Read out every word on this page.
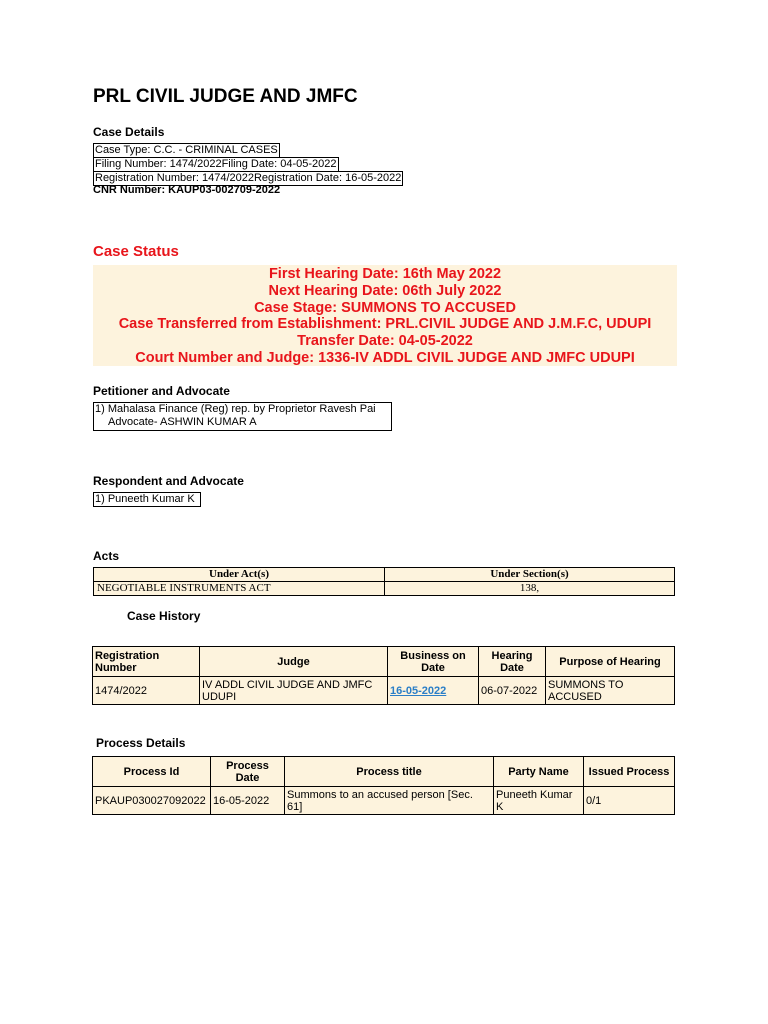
PRL CIVIL JUDGE AND JMFC
Case Details
Case Type: C.C. - CRIMINAL CASES
Filing Number: 1474/2022Filing Date: 04-05-2022
Registration Number: 1474/2022Registration Date: 16-05-2022
CNR Number: KAUP03-002709-2022
Case Status
First Hearing Date: 16th May 2022
Next Hearing Date: 06th July 2022
Case Stage: SUMMONS TO ACCUSED
Case Transferred from Establishment: PRL.CIVIL JUDGE AND J.M.F.C, UDUPI
Transfer Date: 04-05-2022
Court Number and Judge: 1336-IV ADDL CIVIL JUDGE AND JMFC UDUPI
Petitioner and Advocate
1) Mahalasa Finance (Reg) rep. by Proprietor Ravesh Pai
Advocate- ASHWIN KUMAR A
Respondent and Advocate
1) Puneeth Kumar K
Acts
Under Act(s)	Under Section(s)
NEGOTIABLE INSTRUMENTS ACT	138,
Case History
Registration Number	Judge	Business on Date	Hearing Date	Purpose of Hearing
1474/2022	IV ADDL CIVIL JUDGE AND JMFC UDUPI	16-05-2022	06-07-2022	SUMMONS TO ACCUSED
Process Details
Process Id	Process Date	Process title	Party Name	Issued Process
PKAUP030027092022	16-05-2022	Summons to an accused person [Sec. 61]	Puneeth Kumar K	0/1
